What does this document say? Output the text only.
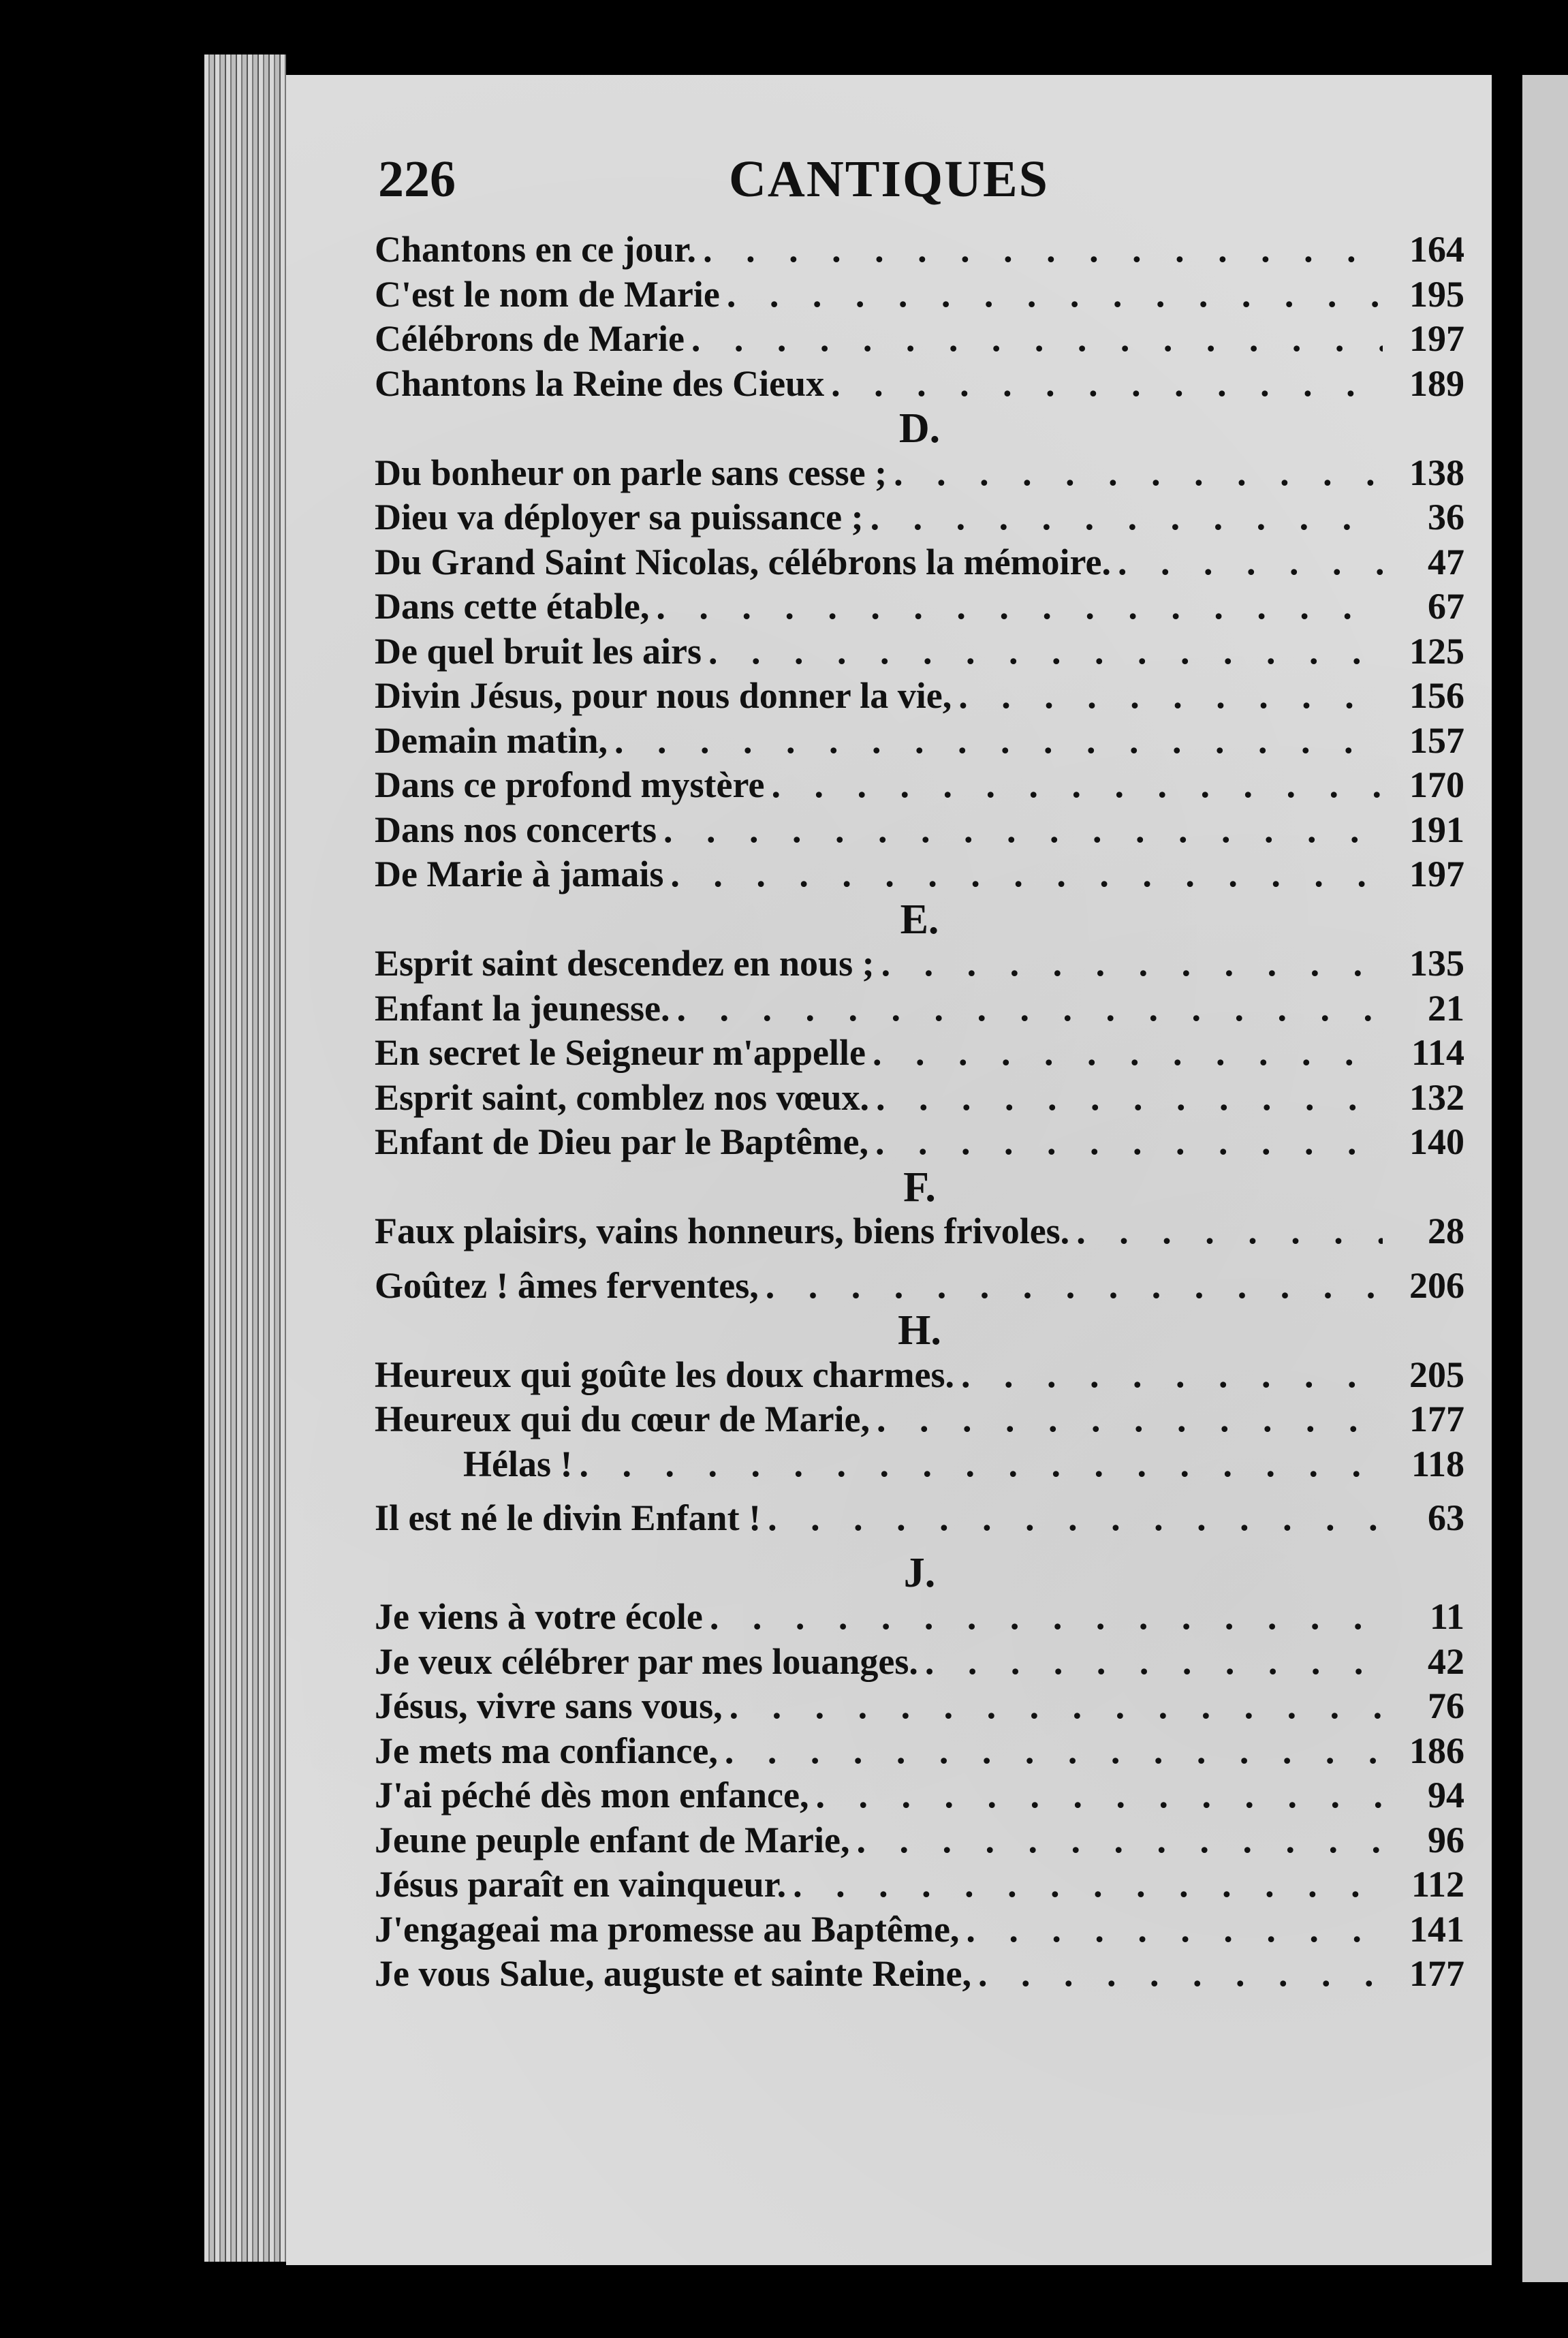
CANTIQUES
226
Chantons en ce jour. . . .	164
C'est le nom de Marie . . .	195
Célébrons de Marie . . .	197
Chantons la Reine des Cieux . . .	189
D.
Du bonheur on parle sans cesse ; . . .	138
Dieu va déployer sa puissance ; . . .	36
Du Grand Saint Nicolas, célébrons la mémoire. . . .	47
Dans cette étable, . . .	67
De quel bruit les airs . . .	125
Divin Jésus, pour nous donner la vie, . . .	156
Demain matin, . . .	157
Dans ce profond mystère . . .	170
Dans nos concerts . . .	191
De Marie à jamais . . .	197
E.
Esprit saint descendez en nous ; . . .	135
Enfant la jeunesse. . . .	21
En secret le Seigneur m'appelle . . .	114
Esprit saint, comblez nos vœux. . . .	132
Enfant de Dieu par le Baptême, . . .	140
F.
Faux plaisirs, vains honneurs, biens frivoles. . . .	28
Goûtez ! âmes ferventes, . . .	206
H.
Heureux qui goûte les doux charmes. . . .	205
Heureux qui du cœur de Marie, . . .	177
Hélas ! . . .	118
Il est né le divin Enfant ! . . .	63
J.
Je viens à votre école . . .	11
Je veux célébrer par mes louanges. . . .	42
Jésus, vivre sans vous, . . .	76
Je mets ma confiance, . . .	186
J'ai péché dès mon enfance, . . .	94
Jeune peuple enfant de Marie, . . .	96
Jésus paraît en vainqueur. . . .	112
J'engageai ma promesse au Baptême, . . .	141
Je vous Salue, auguste et sainte Reine, . . .	177
